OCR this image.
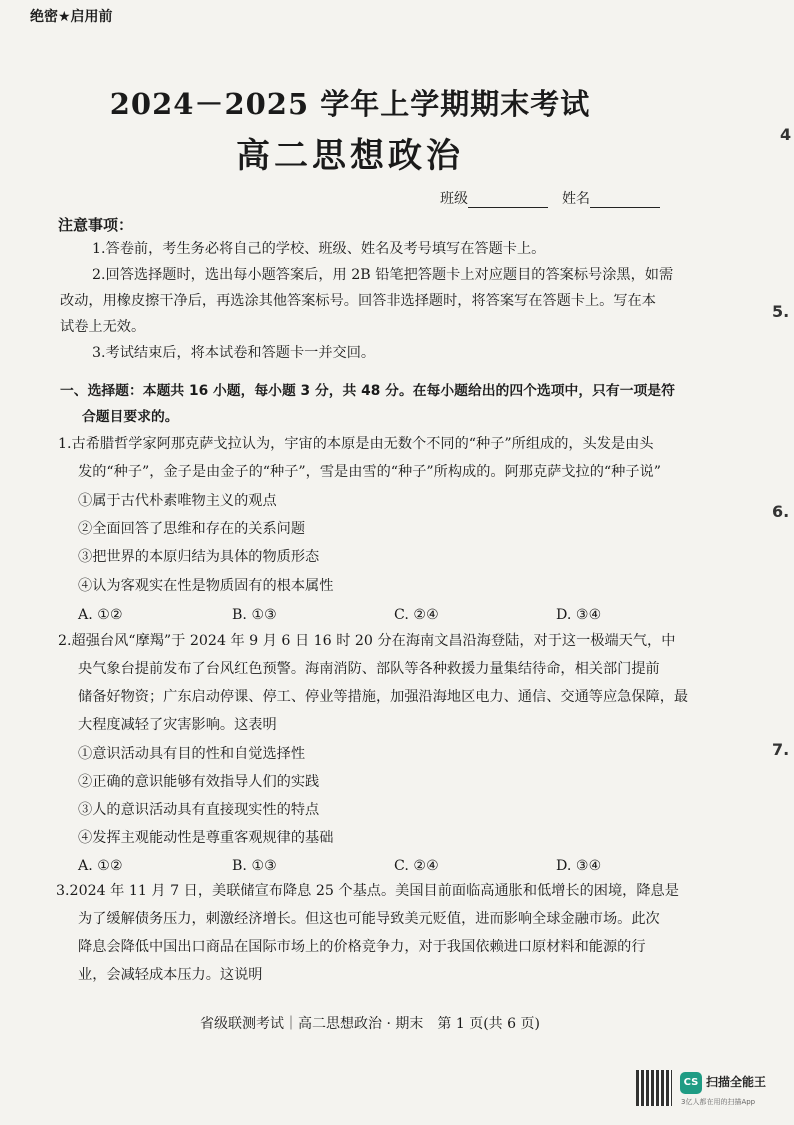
绝密★启用前
2024－2025 学年上学期期末考试
高二思想政治
班级	姓名
注意事项：
1.答卷前，考生务必将自己的学校、班级、姓名及考号填写在答题卡上。
2.回答选择题时，选出每小题答案后，用 2B 铅笔把答题卡上对应题目的答案标号涂黑，如需
改动，用橡皮擦干净后，再选涂其他答案标号。回答非选择题时，将答案写在答题卡上。写在本
试卷上无效。
3.考试结束后，将本试卷和答题卡一并交回。
一、选择题：本题共 16 小题，每小题 3 分，共 48 分。在每小题给出的四个选项中，只有一项是符
合题目要求的。
1.古希腊哲学家阿那克萨戈拉认为，宇宙的本原是由无数个不同的“种子”所组成的，头发是由头
发的“种子”，金子是由金子的“种子”，雪是由雪的“种子”所构成的。阿那克萨戈拉的“种子说”
①属于古代朴素唯物主义的观点
②全面回答了思维和存在的关系问题
③把世界的本原归结为具体的物质形态
④认为客观实在性是物质固有的根本属性
A. ①②	B. ①③	C. ②④	D. ③④
2.超强台风“摩羯”于 2024 年 9 月 6 日 16 时 20 分在海南文昌沿海登陆，对于这一极端天气，中
央气象台提前发布了台风红色预警。海南消防、部队等各种救援力量集结待命，相关部门提前
储备好物资；广东启动停课、停工、停业等措施，加强沿海地区电力、通信、交通等应急保障，最
大程度减轻了灾害影响。这表明
①意识活动具有目的性和自觉选择性
②正确的意识能够有效指导人们的实践
③人的意识活动具有直接现实性的特点
④发挥主观能动性是尊重客观规律的基础
A. ①②	B. ①③	C. ②④	D. ③④
3.2024 年 11 月 7 日，美联储宣布降息 25 个基点。美国目前面临高通胀和低增长的困境，降息是
为了缓解债务压力，刺激经济增长。但这也可能导致美元贬值，进而影响全球金融市场。此次
降息会降低中国出口商品在国际市场上的价格竞争力，对于我国依赖进口原材料和能源的行
业，会减轻成本压力。这说明
省级联测考试｜高二思想政治 · 期末　第 1 页(共 6 页)
4
5.
6.
7.
CS 扫描全能王
3亿人都在用的扫描App
